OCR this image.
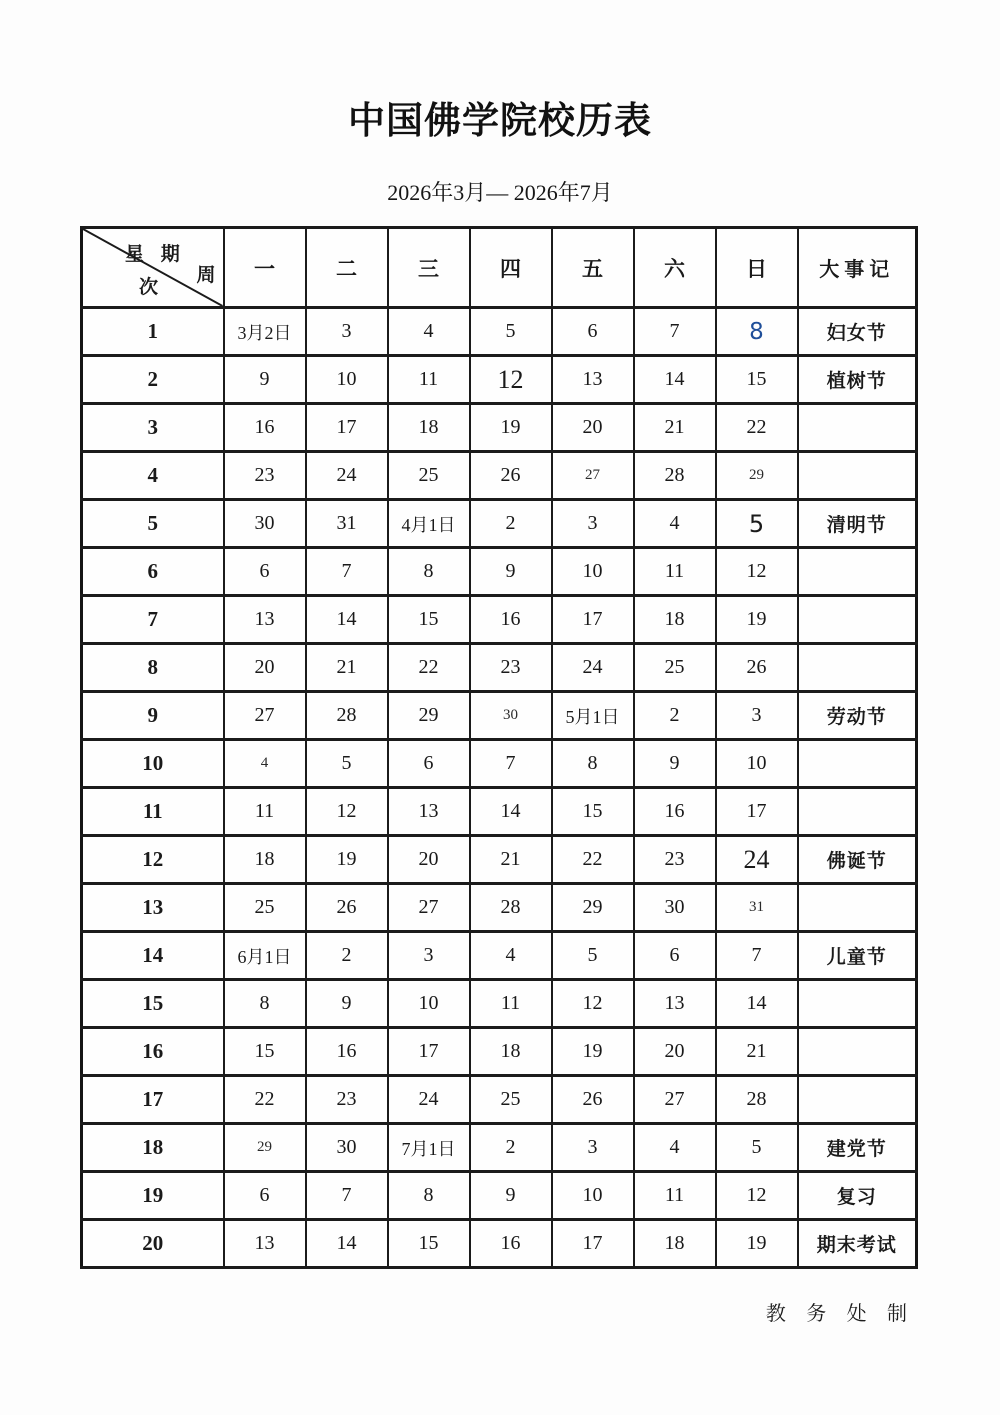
中国佛学院校历表
2026年3月— 2026年7月
星 期
周
次	一	二	三	四	五	六	日	大事记
1	3月2日	3	4	5	6	7	8	妇女节
2	9	10	11	12	13	14	15	植树节
3	16	17	18	19	20	21	22	
4	23	24	25	26	27	28	29	
5	30	31	4月1日	2	3	4	5	清明节
6	6	7	8	9	10	11	12	
7	13	14	15	16	17	18	19	
8	20	21	22	23	24	25	26	
9	27	28	29	30	5月1日	2	3	劳动节
10	4	5	6	7	8	9	10	
11	11	12	13	14	15	16	17	
12	18	19	20	21	22	23	24	佛诞节
13	25	26	27	28	29	30	31	
14	6月1日	2	3	4	5	6	7	儿童节
15	8	9	10	11	12	13	14	
16	15	16	17	18	19	20	21	
17	22	23	24	25	26	27	28	
18	29	30	7月1日	2	3	4	5	建党节
19	6	7	8	9	10	11	12	复习
20	13	14	15	16	17	18	19	期末考试
教 务 处 制
